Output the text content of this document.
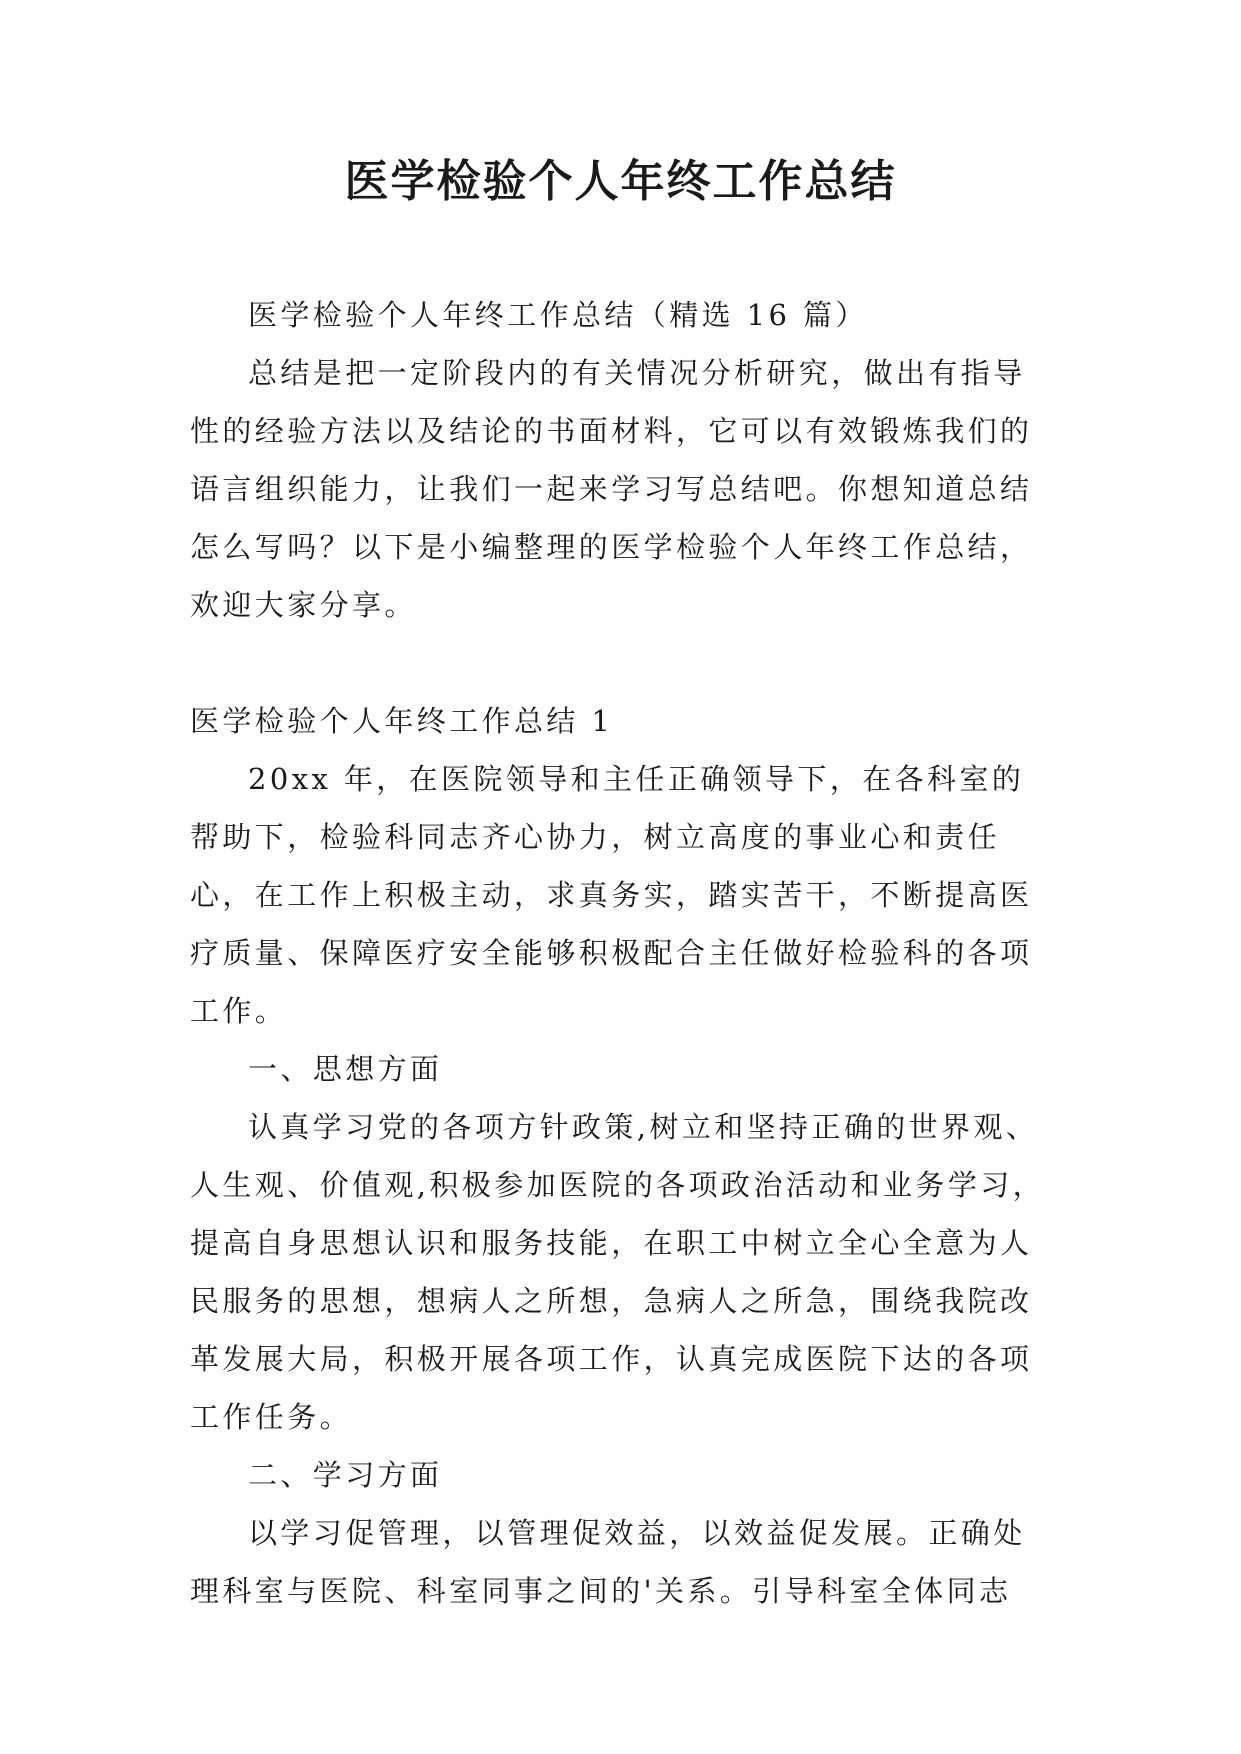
医学检验个人年终工作总结

医学检验个人年终工作总结（精选 16 篇）

总结是把一定阶段内的有关情况分析研究，做出有指导性的经验方法以及结论的书面材料，它可以有效锻炼我们的语言组织能力，让我们一起来学习写总结吧。你想知道总结怎么写吗？以下是小编整理的医学检验个人年终工作总结，欢迎大家分享。

医学检验个人年终工作总结 1

20xx 年，在医院领导和主任正确领导下，在各科室的帮助下，检验科同志齐心协力，树立高度的事业心和责任心，在工作上积极主动，求真务实，踏实苦干，不断提高医疗质量、保障医疗安全能够积极配合主任做好检验科的各项工作。

一、思想方面

认真学习党的各项方针政策,树立和坚持正确的世界观、人生观、价值观,积极参加医院的各项政治活动和业务学习，提高自身思想认识和服务技能，在职工中树立全心全意为人民服务的思想，想病人之所想，急病人之所急，围绕我院改革发展大局，积极开展各项工作，认真完成医院下达的各项工作任务。

二、学习方面

以学习促管理，以管理促效益，以效益促发展。正确处理科室与医院、科室同事之间的'关系。引导科室全体同志
